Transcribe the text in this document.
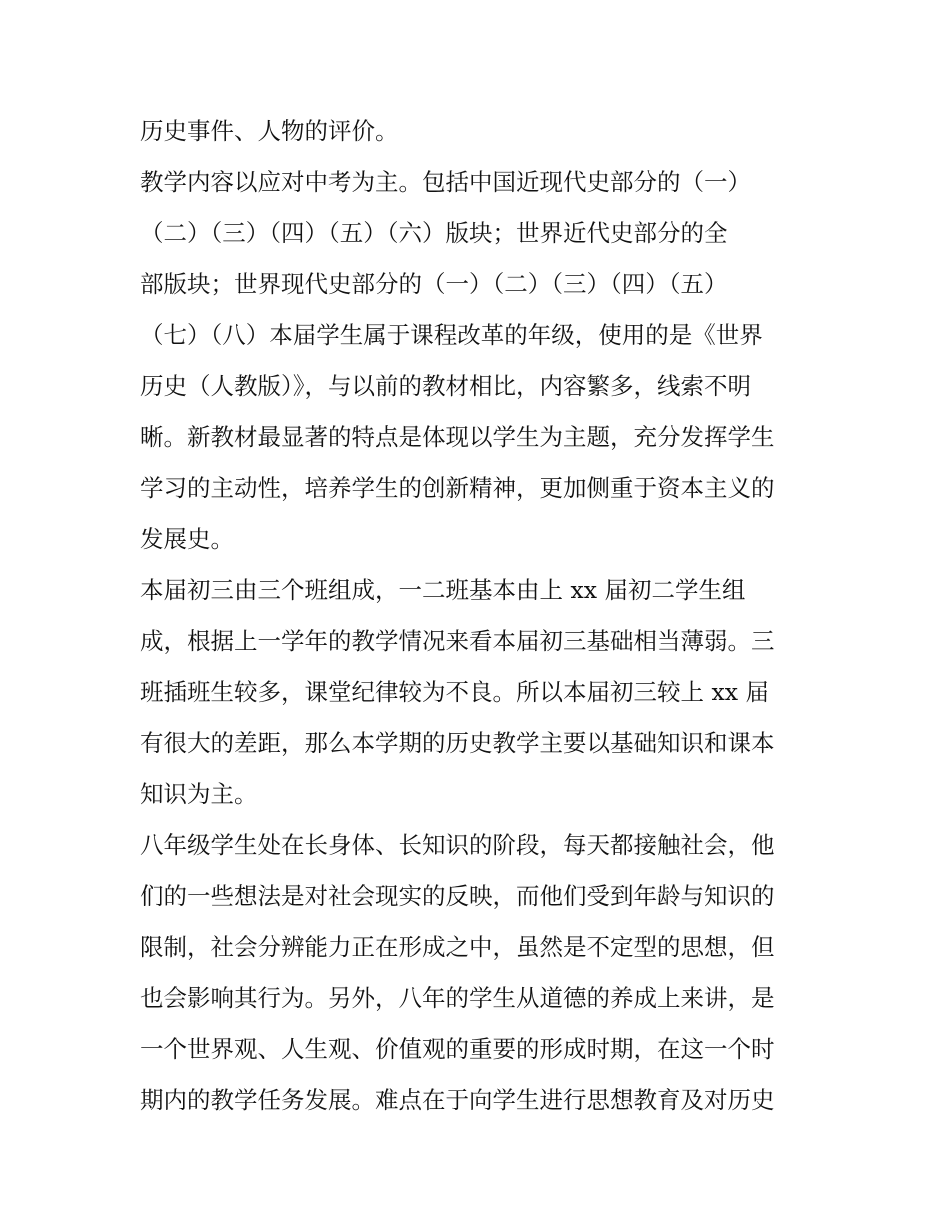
历史事件、人物的评价。
教学内容以应对中考为主。包括中国近现代史部分的（一）
（二）（三）（四）（五）（六）版块；世界近代史部分的全
部版块；世界现代史部分的（一）（二）（三）（四）（五）
（七）（八）本届学生属于课程改革的年级，使用的是《世界
历史（人教版）》，与以前的教材相比，内容繁多，线索不明
晰。新教材最显著的特点是体现以学生为主题，充分发挥学生
学习的主动性，培养学生的创新精神，更加侧重于资本主义的
发展史。
本届初三由三个班组成，一二班基本由上 xx 届初二学生组
成，根据上一学年的教学情况来看本届初三基础相当薄弱。三
班插班生较多，课堂纪律较为不良。所以本届初三较上 xx 届
有很大的差距，那么本学期的历史教学主要以基础知识和课本
知识为主。
八年级学生处在长身体、长知识的阶段，每天都接触社会，他
们的一些想法是对社会现实的反映，而他们受到年龄与知识的
限制，社会分辨能力正在形成之中，虽然是不定型的思想，但
也会影响其行为。另外，八年的学生从道德的养成上来讲，是
一个世界观、人生观、价值观的重要的形成时期，在这一个时
期内的教学任务发展。难点在于向学生进行思想教育及对历史
